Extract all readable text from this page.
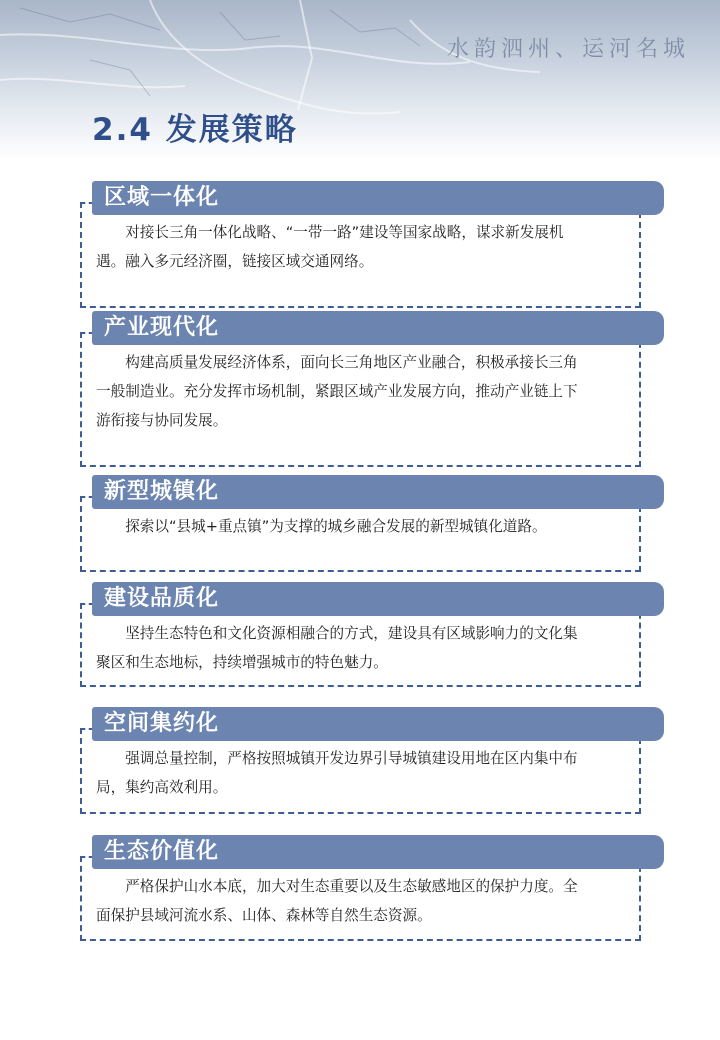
水韵泗州、运河名城
2.4 发展策略

对接长三角一体化战略、“一带一路”建设等国家战略，谋求新发展机
遇。融入多元经济圈，链接区域交通网络。

区域一体化

构建高质量发展经济体系，面向长三角地区产业融合，积极承接长三角
一般制造业。充分发挥市场机制，紧跟区域产业发展方向，推动产业链上下
游衔接与协同发展。

产业现代化

探索以“县城+重点镇”为支撑的城乡融合发展的新型城镇化道路。

新型城镇化

坚持生态特色和文化资源相融合的方式，建设具有区域影响力的文化集
聚区和生态地标，持续增强城市的特色魅力。

建设品质化

强调总量控制，严格按照城镇开发边界引导城镇建设用地在区内集中布
局，集约高效利用。

空间集约化

严格保护山水本底，加大对生态重要以及生态敏感地区的保护力度。全
面保护县域河流水系、山体、森林等自然生态资源。

生态价值化
